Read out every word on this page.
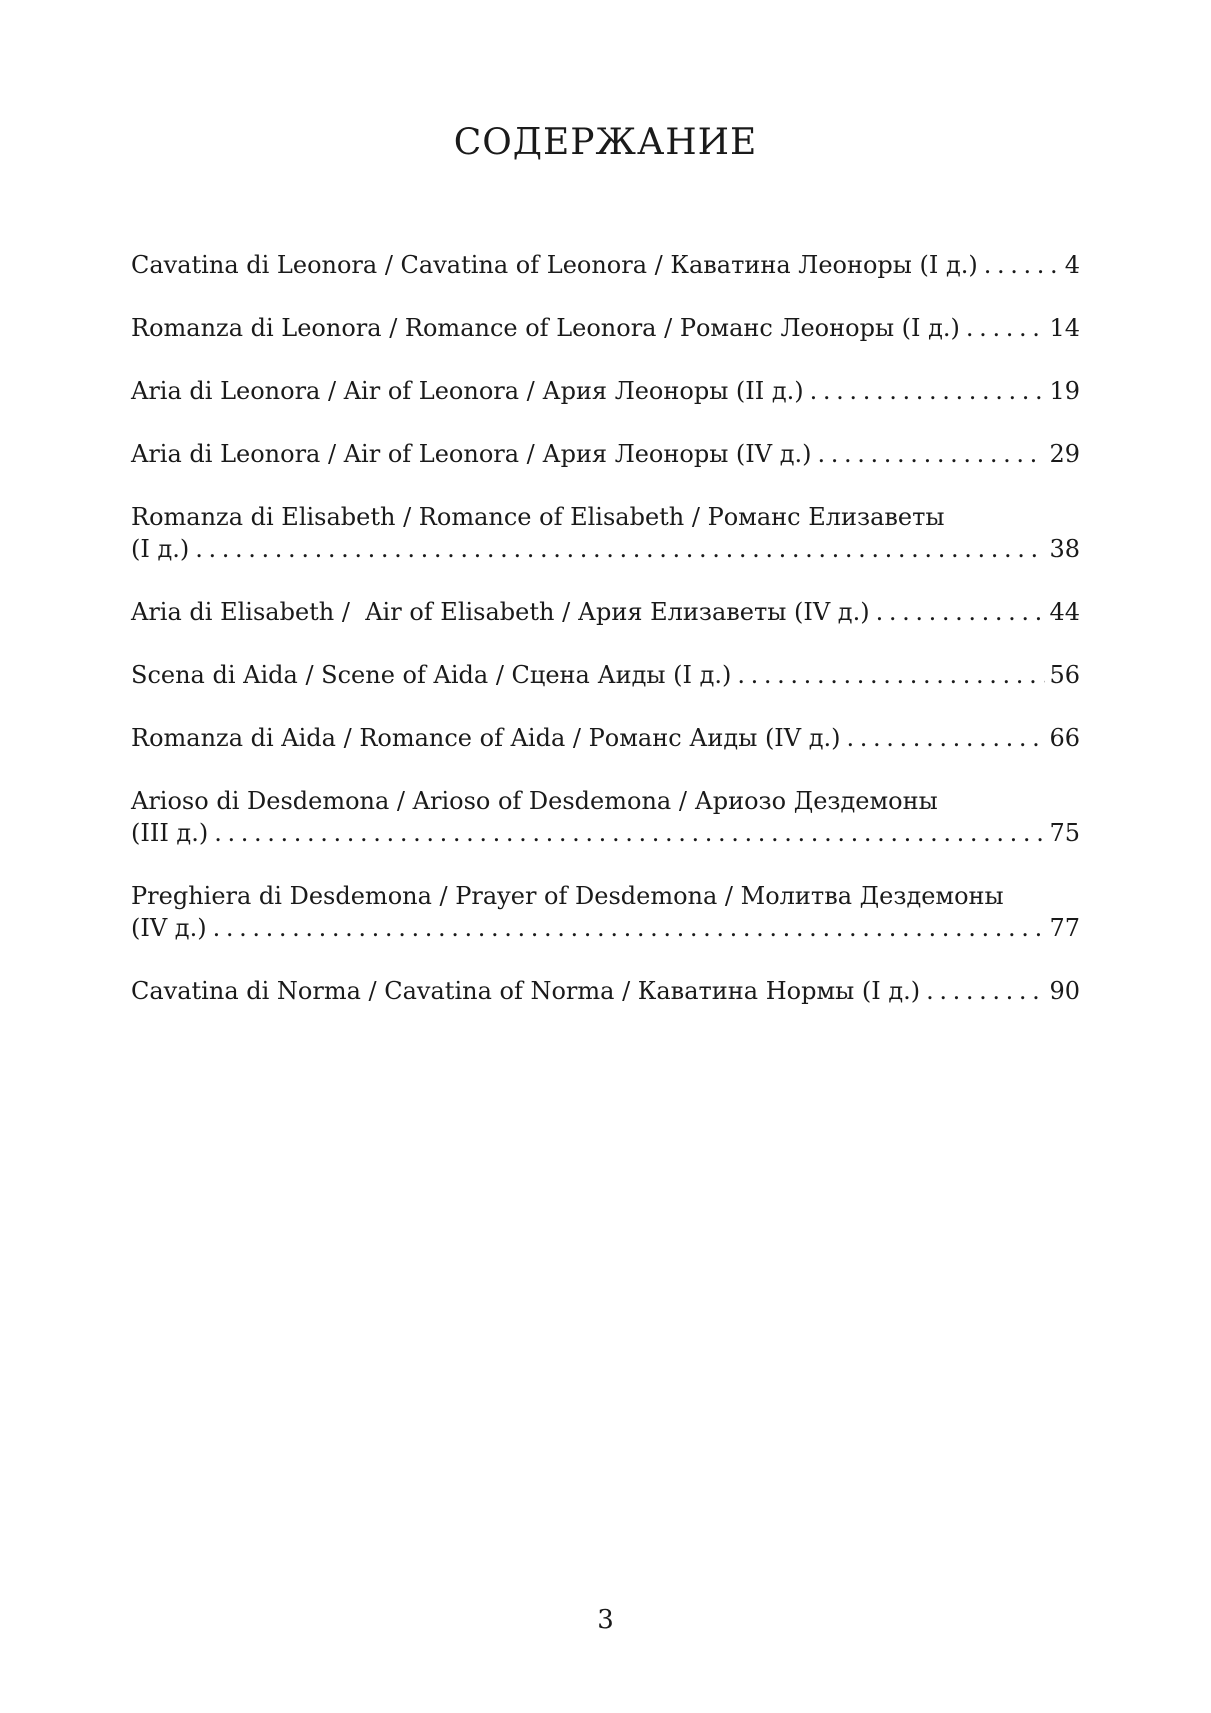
СОДЕРЖАНИЕ
Cavatina di Leonora / Cavatina of Leonora / Каватина Леоноры (I д.) . . .	4
Romanza di Leonora / Romance of Leonora / Романс Леоноры (I д.) . . .	14
Aria di Leonora / Air of Leonora / Ария Леоноры (II д.) . . .	19
Aria di Leonora / Air of Leonora / Ария Леоноры (IV д.) . . .	29
Romanza di Elisabeth / Romance of Elisabeth / Романс Елизаветы
(I д.) . . .	38
Aria di Elisabeth /  Air of Elisabeth / Ария Елизаветы (IV д.) . . .	44
Scena di Aida / Scene of Aida / Сцена Аиды (I д.) . . .	56
Romanza di Aida / Romance of Aida / Романс Аиды (IV д.) . . .	66
Arioso di Desdemona / Arioso of Desdemona / Ариозо Дездемоны
(III д.) . . .	75
Preghiera di Desdemona / Prayer of Desdemona / Молитва Дездемоны
(IV д.) . . .	77
Cavatina di Norma / Cavatina of Norma / Каватина Нормы (I д.) . . .	90
3
